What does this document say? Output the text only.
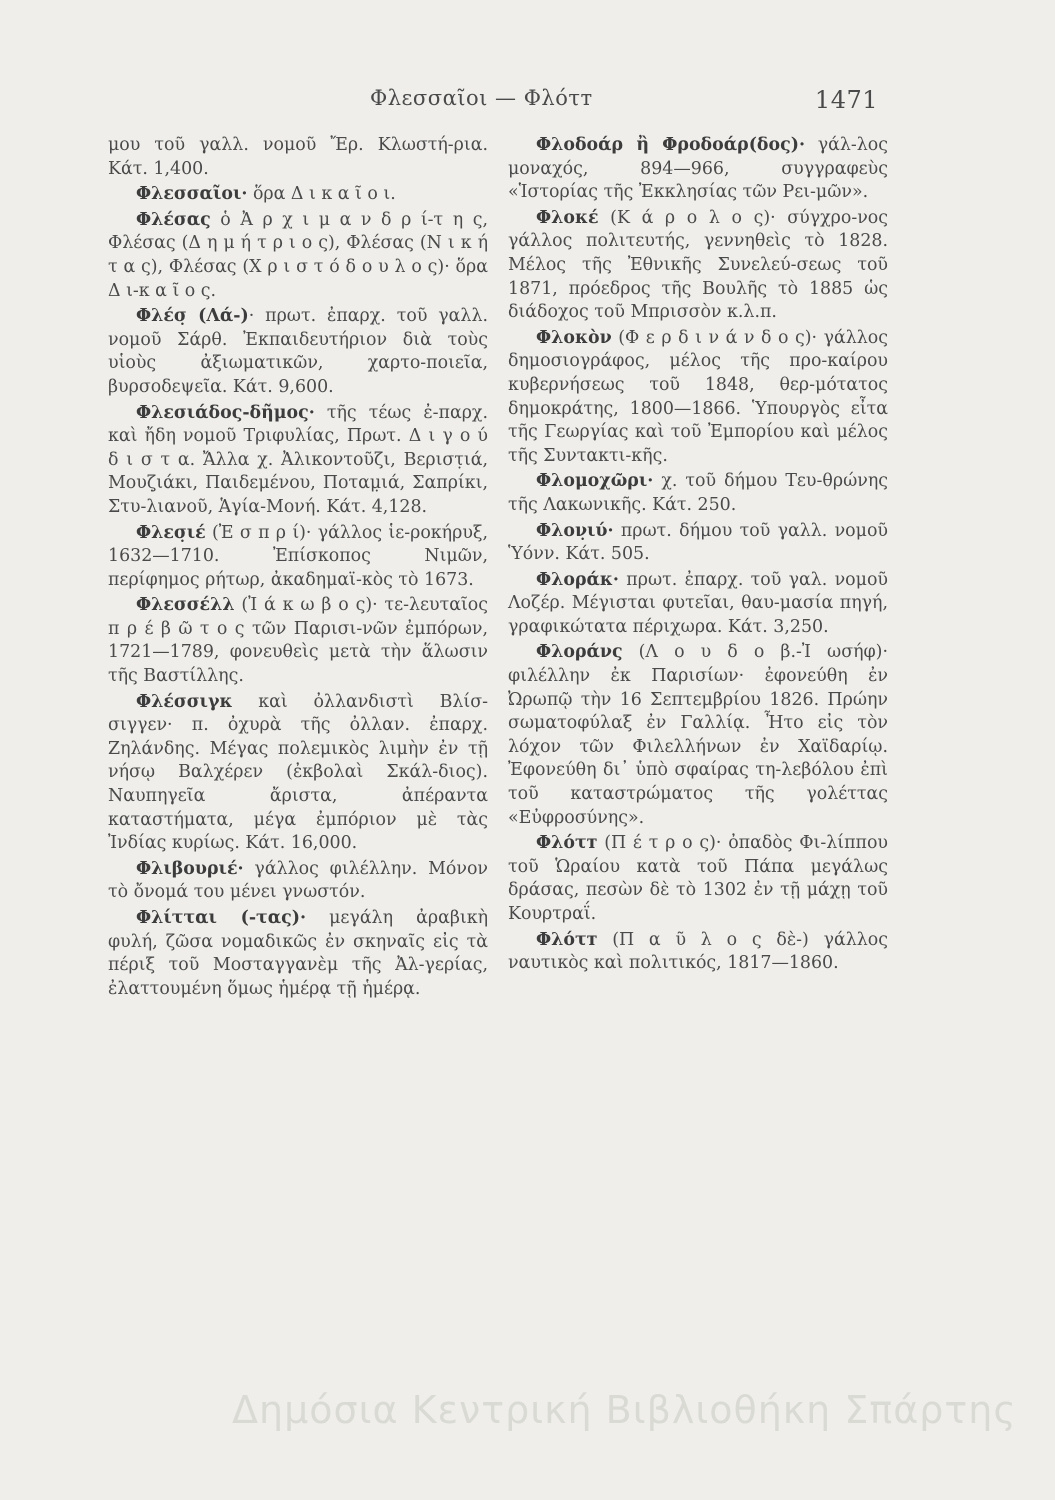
Φλεσσαῖοι — Φλότт	1471

μου τοῦ γαλλ. νομοῦ Ἔρ. Κλωστή-ρια. Κάτ. 1,400.

Φλεσσαῖοι· ὅρα Δ ι κ α ῖ ο ι.

Φλέσας ὁ Ἀ ρ χ ι μ α ν δ ρ ί-τ η ς, Φλέσας (Δ η μ ή τ ρ ι ο ς), Φλέσας (Ν ι κ ή τ α ς), Φλέσας (Χ ρ ι σ τ ό δ ο υ λ ο ς)· ὅρα Δ ι-κ α ῖ ο ς.

Φλέσ̣ (Λά-)· πρωτ. ἐπαρχ. τοῦ γαλλ. νομοῦ Σάρθ. Ἐκπαιδευτήριον διὰ τοὺς υἱοὺς ἀξιωματικῶν, χαρτο-ποιεῖα, βυρσοδεψεῖα. Κάτ. 9,600.

Φλεσιάδος-δῆμος· τῆς τέως ἐ-παρχ. καὶ ἤδη νομοῦ Τριφυλίας, Πρωτ. Δ ι γ ο ύ δ ι σ τ α. Ἄλλα χ. Ἀλικοντοῦζι, Βεριστ̣ιά, Μουζ̣ιάκι, Παιδεμένου, Ποταμ̣ιά, Σαπρίκι, Στυ-λιανοῦ, Ἁγία-Μονή. Κάτ. 4,128.

Φλεσ̣ιέ (Ἐ σ π ρ ί)· γάλλος ἱε-ροκήρυξ, 1632—1710. Ἐπίσκοπος Νιμῶν, περίφημος ρήτωρ, ἀκαδημαϊ-κὸς τὸ 1673.

Φλεσσέλλ (Ἰ ά κ ω β ο ς)· τε-λευταῖος π ρ έ β ῶ τ ο ς τῶν Παρισι-νῶν ἐμπόρων, 1721—1789, φονευθεὶς μετὰ τὴν ἅλωσιν τῆς Βαστίλλης.

Φλέσσιγκ καὶ ὀλλανδιστὶ Βλίσ-σιγγεν· π. ὀχυρὰ τῆς ὀλλαν. ἐπαρχ. Ζηλάνδης. Μέγας πολεμικὸς λιμὴν ἐν τῇ νήσῳ Βαλχέρεν (ἐκβολαὶ Σκάλ-διος). Ναυπηγεῖα ἄριστα, ἀπέραντα καταστήματα, μέγα ἐμπόριον μὲ τὰς Ἰνδίας κυρίως. Κάτ. 16,000.

Φλιβουριέ· γάλλος φιλέλλην. Μόνον τὸ ὄνομά του μένει γνωστόν.

Φλίτται (-τας)· μεγάλη ἀραβικὴ φυλή, ζῶσα νομαδικῶς ἐν σκηναῖς εἰς τὰ πέριξ τοῦ Μοσταγγανὲμ τῆς Ἀλ-γερίας, ἐλαττουμένη ὅμως ἡμέρᾳ τῇ ἡμέρᾳ.

Φλοδοάρ ἢ Φροδοάρ(δος)· γάλ-λος μοναχός, 894—966, συγγραφεὺς «Ἱστορίας τῆς Ἐκκλησίας τῶν Ρει-μῶν».

Φλοκέ (Κ ά ρ ο λ ο ς)· σύγχρο-νος γάλλος πολιτευτής, γεννηθεὶς τὸ 1828. Μέλος τῆς Ἐθνικῆς Συνελεύ-σεως τοῦ 1871, πρόεδρος τῆς Βουλῆς τὸ 1885 ὡς διάδοχος τοῦ Μπρισσὸν κ.λ.π.

Φλοκὸν (Φ ε ρ δ ι ν ά ν δ ο ς)· γάλλος δημοσιογράφος, μέλος τῆς προ-καίρου κυβερνήσεως τοῦ 1848, θερ-μότατος δημοκράτης, 1800—1866. Ὑπουργὸς εἶτα τῆς Γεωργίας καὶ τοῦ Ἐμπορίου καὶ μέλος τῆς Συντακτι-κῆς.

Φλομοχῶρι· χ. τοῦ δήμου Τευ-θρώνης τῆς Λακωνικῆς. Κάτ. 250.

Φλον̣ιύ· πρωτ. δήμου τοῦ γαλλ. νομοῦ Ὑόνν. Κάτ. 505.

Φλοράκ· πρωτ. ἐπαρχ. τοῦ γαλ. νομοῦ Λοζέρ. Μέγισται φυτεῖαι, θαυ-μασία πηγή, γραφικώτατα πέριχωρα. Κάτ. 3,250.

Φλοράνς (Λ ο υ δ ο β.-Ἰ ωσήφ)· φιλέλλην ἐκ Παρισίων· ἐφονεύθη ἐν Ὠρωπῷ τὴν 16 Σεπτεμβρίου 1826. Πρώην σωματοφύλαξ ἐν Γαλλίᾳ. Ἦτο εἰς τὸν λόχον τῶν Φιλελλήνων ἐν Χαϊδαρίῳ. Ἐφονεύθη δι᾽ ὑπὸ σφαίρας τη-λεβόλου ἐπὶ τοῦ καταστρώματος τῆς γολέττας «Εὐφροσύνης».

Φλότт (Π έ τ ρ ο ς)· ὀπαδὸς Φι-λίππου τοῦ Ὡραίου κατὰ τοῦ Πάπα μεγάλως δράσας, πεσὼν δὲ τὸ 1302 ἐν τῇ μάχῃ τοῦ Κουρτραΐ.

Φλότт (Π α ῦ λ ο ς δὲ-) γάλλος ναυτικὸς καὶ πολιτικός, 1817—1860.

Δημόσια Κεντρική Βιβλιοθήκη Σπάρτης
